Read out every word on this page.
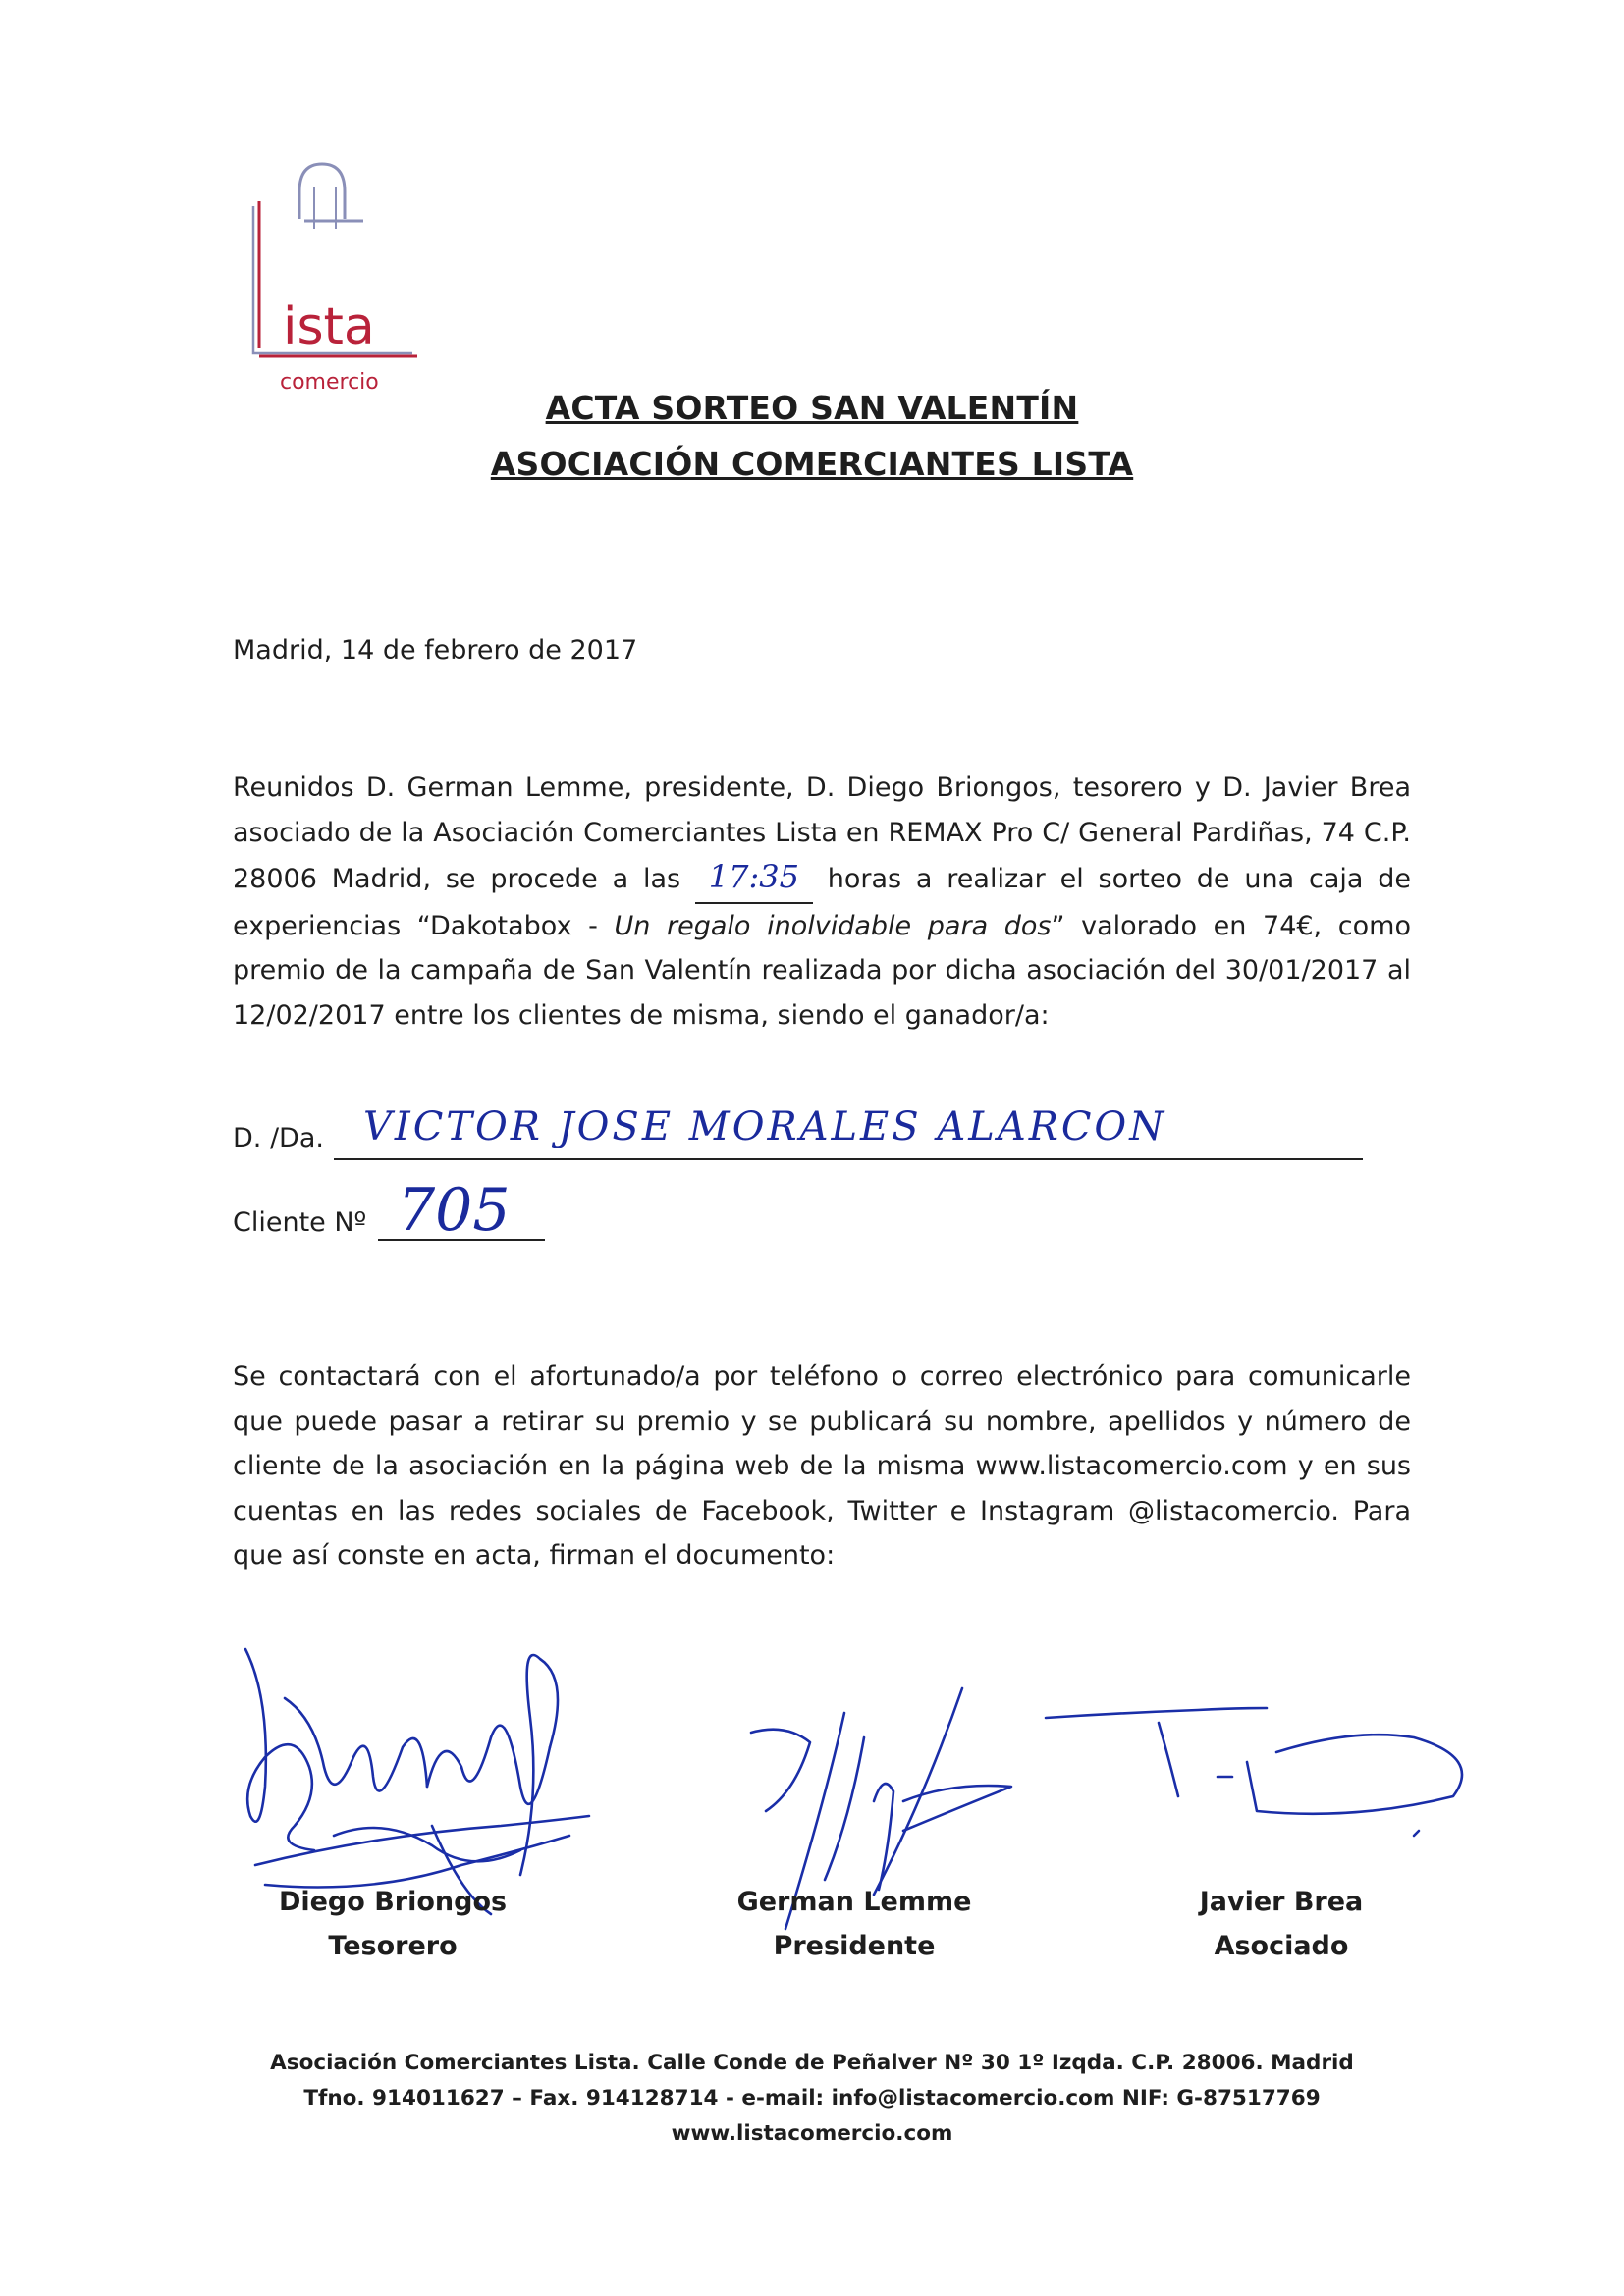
ista
comercio
ACTA SORTEO SAN VALENTÍN
ASOCIACIÓN COMERCIANTES LISTA
Madrid, 14 de febrero de 2017
Reunidos D. German Lemme, presidente, D. Diego Briongos, tesorero y D. Javier Brea asociado de la Asociación Comerciantes Lista en REMAX Pro C/ General Pardiñas, 74 C.P. 28006 Madrid, se procede a las 17:35 horas a realizar el sorteo de una caja de experiencias “Dakotabox - Un regalo inolvidable para dos” valorado en 74€, como premio de la campaña de San Valentín realizada por dicha asociación del 30/01/2017 al 12/02/2017 entre los clientes de misma, siendo el ganador/a:
D. /Da. VICTOR JOSE MORALES ALARCON
Cliente Nº 705
Se contactará con el afortunado/a por teléfono o correo electrónico para comunicarle que puede pasar a retirar su premio y se publicará su nombre, apellidos y número de cliente de la asociación en la página web de la misma www.listacomercio.com y en sus cuentas en las redes sociales de Facebook, Twitter e Instagram @listacomercio. Para que así conste en acta, firman el documento:
Diego Briongos
Tesorero
German Lemme
Presidente
Javier Brea
Asociado
Asociación Comerciantes Lista. Calle Conde de Peñalver Nº 30 1º Izqda. C.P. 28006. Madrid
Tfno. 914011627 – Fax. 914128714 - e-mail: info@listacomercio.com NIF: G-87517769
www.listacomercio.com
